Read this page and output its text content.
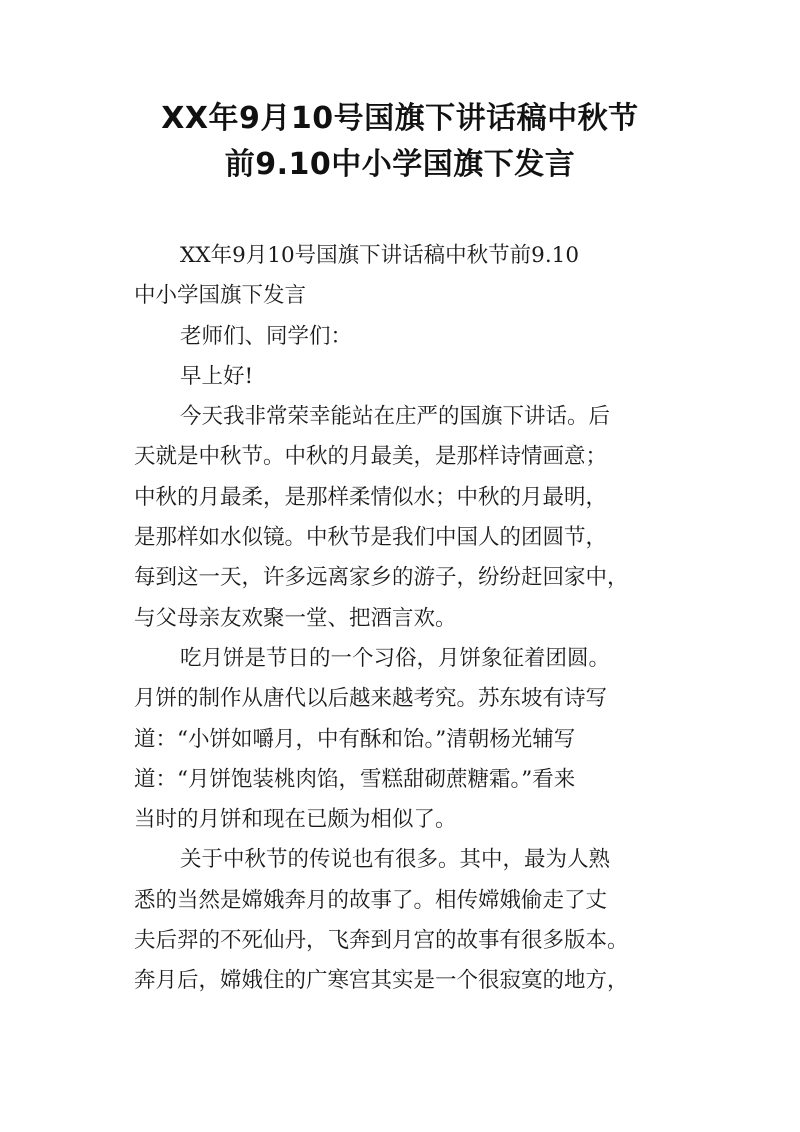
XX年9月10号国旗下讲话稿中秋节
前9.10中小学国旗下发言
XX年9月10号国旗下讲话稿中秋节前9.10
中小学国旗下发言
老师们、同学们：
早上好!
今天我非常荣幸能站在庄严的国旗下讲话。后
天就是中秋节。中秋的月最美，是那样诗情画意；
中秋的月最柔，是那样柔情似水；中秋的月最明，
是那样如水似镜。中秋节是我们中国人的团圆节，
每到这一天，许多远离家乡的游子，纷纷赶回家中，
与父母亲友欢聚一堂、把酒言欢。
吃月饼是节日的一个习俗，月饼象征着团圆。
月饼的制作从唐代以后越来越考究。苏东坡有诗写
道：“小饼如嚼月，中有酥和饴。”清朝杨光辅写
道：“月饼饱装桃肉馅，雪糕甜砌蔗糖霜。”看来
当时的月饼和现在已颇为相似了。
关于中秋节的传说也有很多。其中，最为人熟
悉的当然是嫦娥奔月的故事了。相传嫦娥偷走了丈
夫后羿的不死仙丹，飞奔到月宫的故事有很多版本。
奔月后，嫦娥住的广寒宫其实是一个很寂寞的地方，
